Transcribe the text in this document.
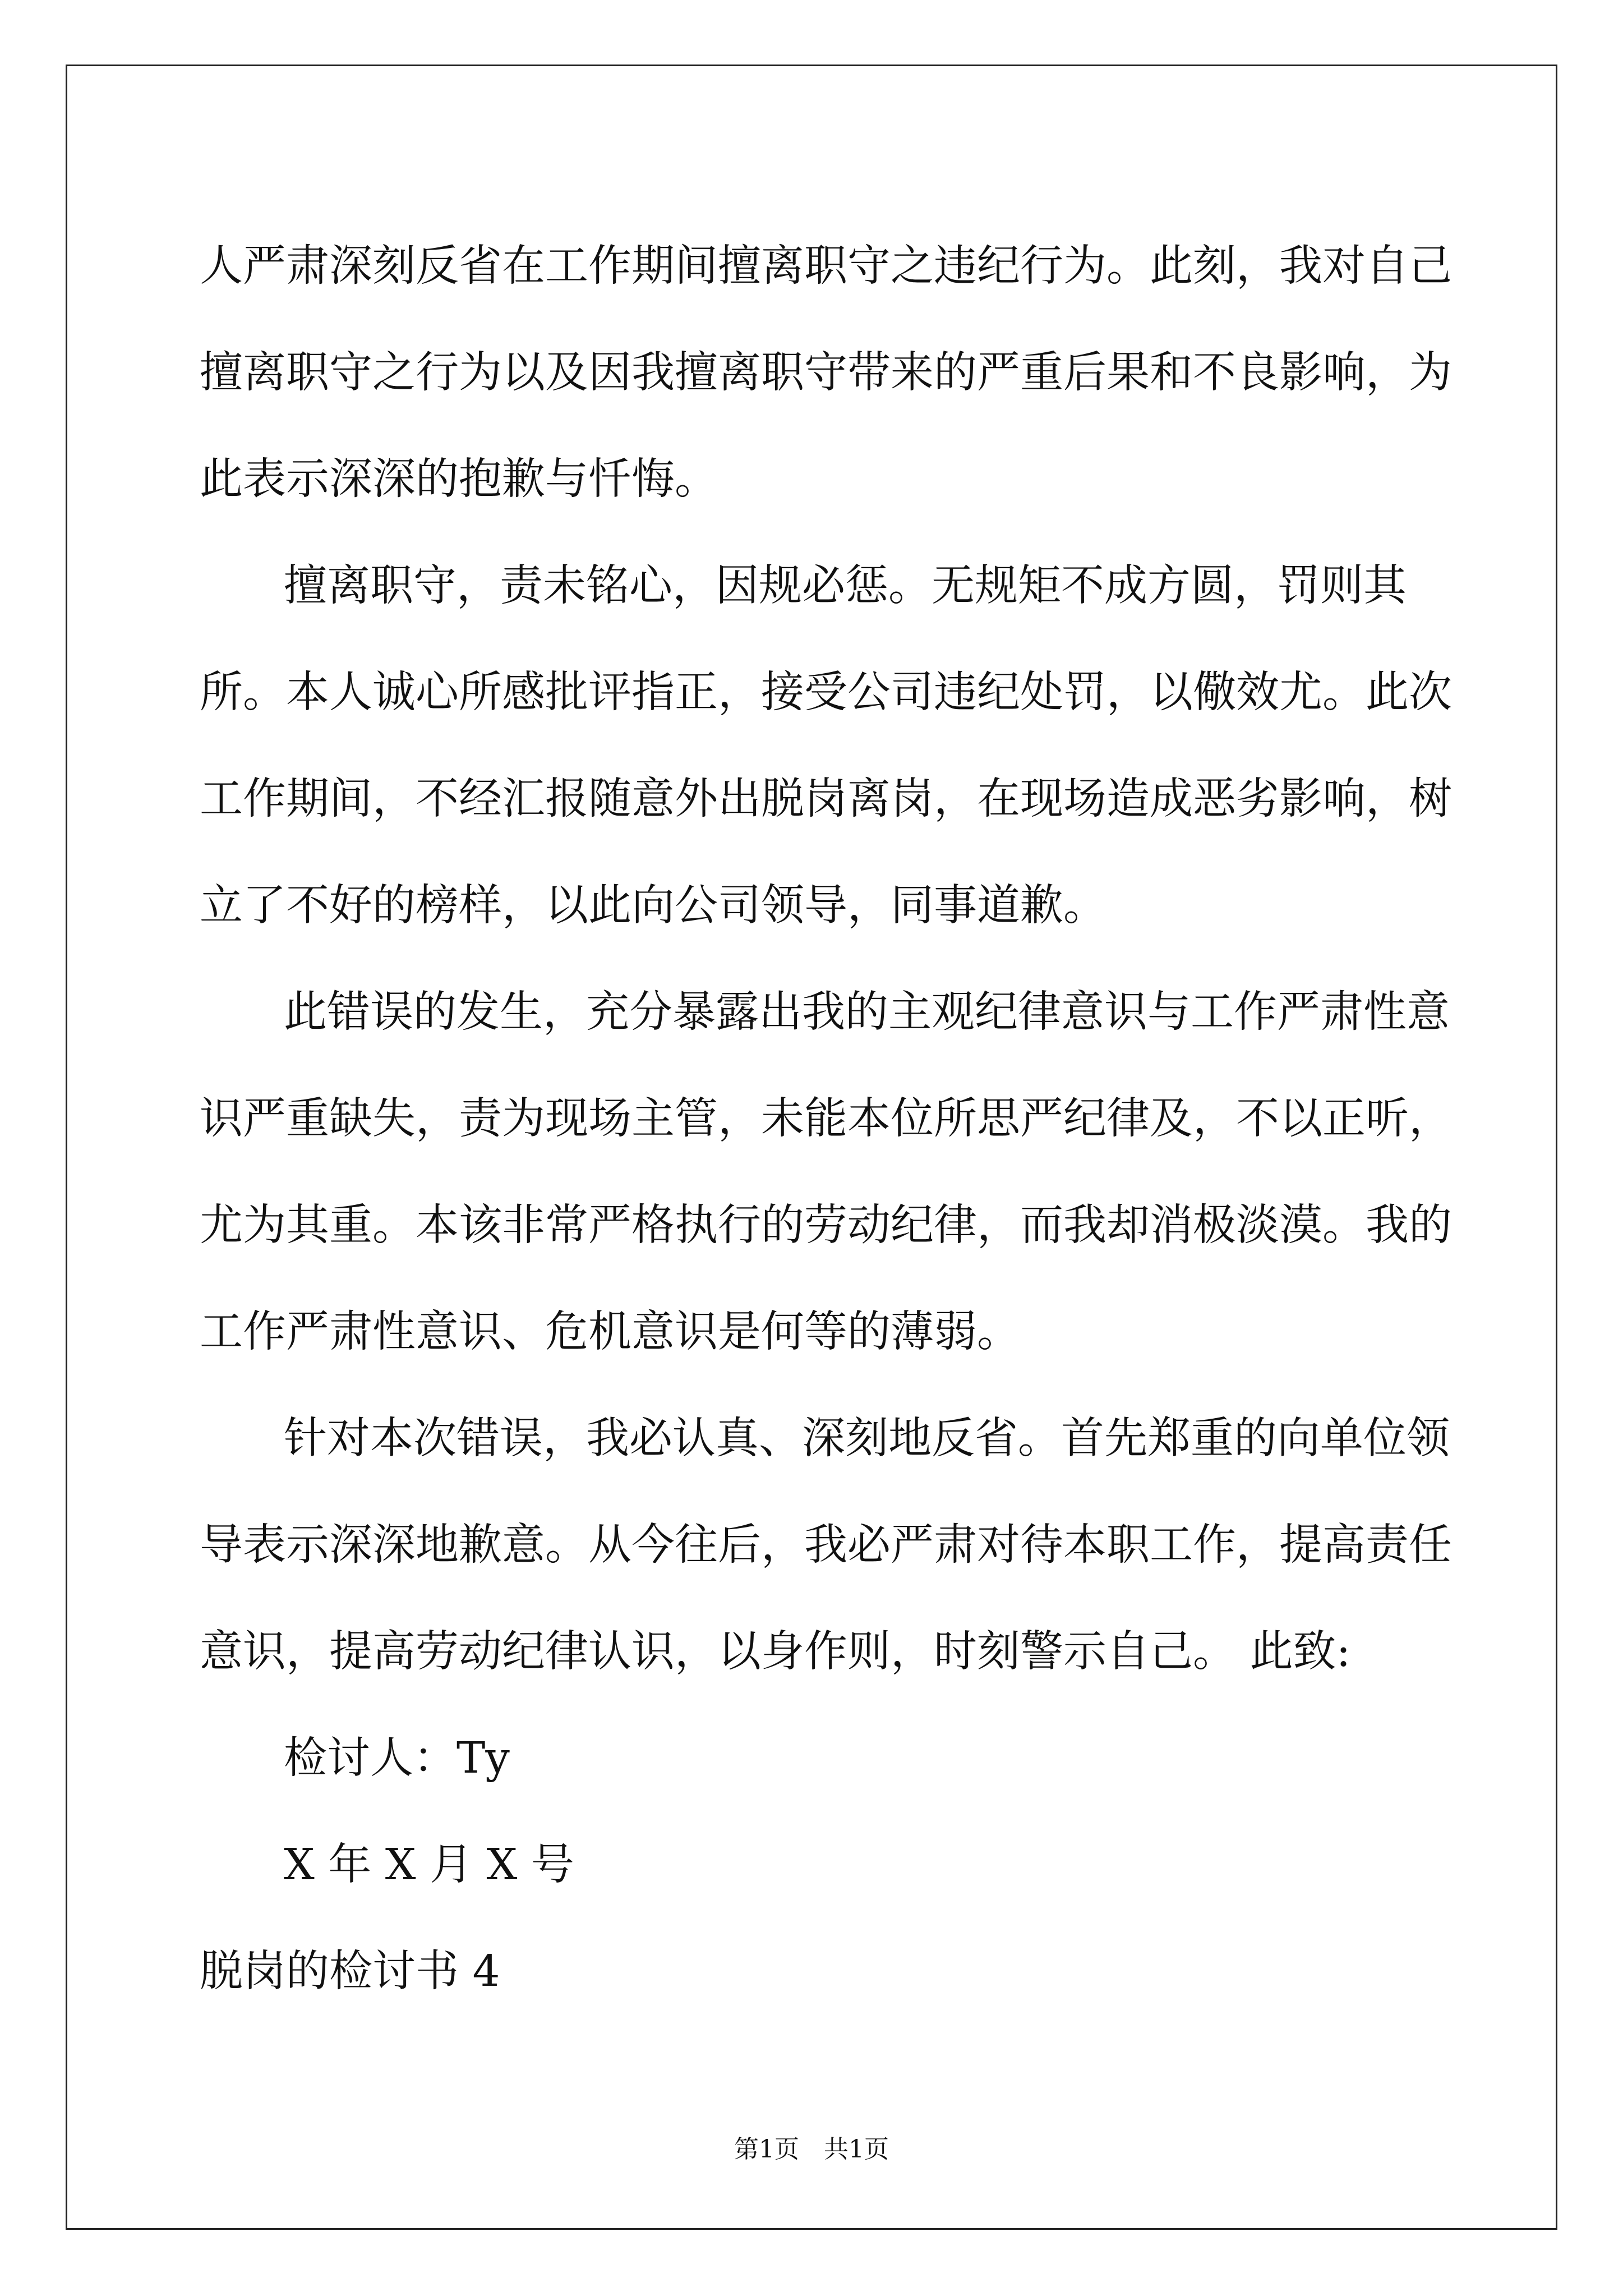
人严肃深刻反省在工作期间擅离职守之违纪行为。此刻，我对自己擅离职守之行为以及因我擅离职守带来的严重后果和不良影响，为此表示深深的抱歉与忏悔。

擅离职守，责未铭心，因规必惩。无规矩不成方圆，罚则其所。本人诚心所感批评指正，接受公司违纪处罚，以儆效尤。此次工作期间，不经汇报随意外出脱岗离岗，在现场造成恶劣影响，树立了不好的榜样，以此向公司领导，同事道歉。

此错误的发生，充分暴露出我的主观纪律意识与工作严肃性意识严重缺失，责为现场主管，未能本位所思严纪律及，不以正听，尤为其重。本该非常严格执行的劳动纪律，而我却消极淡漠。我的工作严肃性意识、危机意识是何等的薄弱。

针对本次错误，我必认真、深刻地反省。首先郑重的向单位领导表示深深地歉意。从今往后，我必严肃对待本职工作，提高责任意识，提高劳动纪律认识，以身作则，时刻警示自己。 此致:

检讨人：Ty

X 年 X 月 X 号

脱岗的检讨书 4

第1页　共1页
